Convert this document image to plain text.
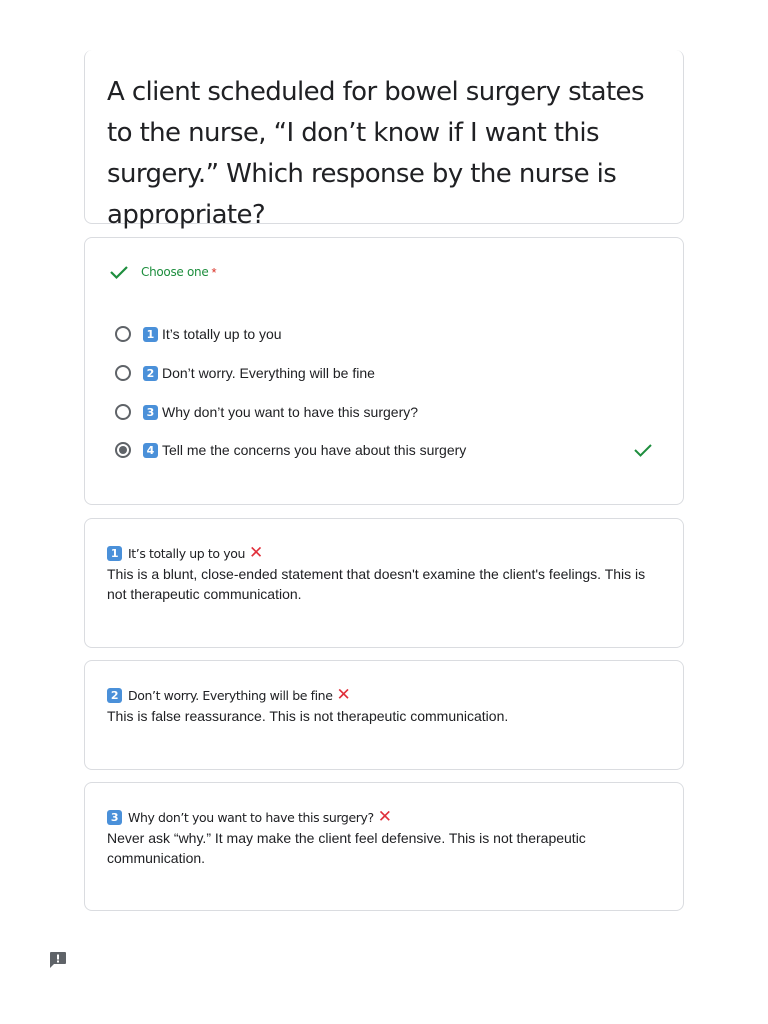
A client scheduled for bowel surgery states to the nurse, “I don’t know if I want this surgery.” Which response by the nurse is appropriate?
Choose one *
1 It’s totally up to you
2 Don’t worry. Everything will be fine
3 Why don’t you want to have this surgery?
4 Tell me the concerns you have about this surgery
1 It’s totally up to you ✕
This is a blunt, close-ended statement that doesn't examine the client's feelings. This is not therapeutic communication.
2 Don’t worry. Everything will be fine ✕
This is false reassurance. This is not therapeutic communication.
3 Why don’t you want to have this surgery? ✕
Never ask “why.” It may make the client feel defensive. This is not therapeutic communication.
